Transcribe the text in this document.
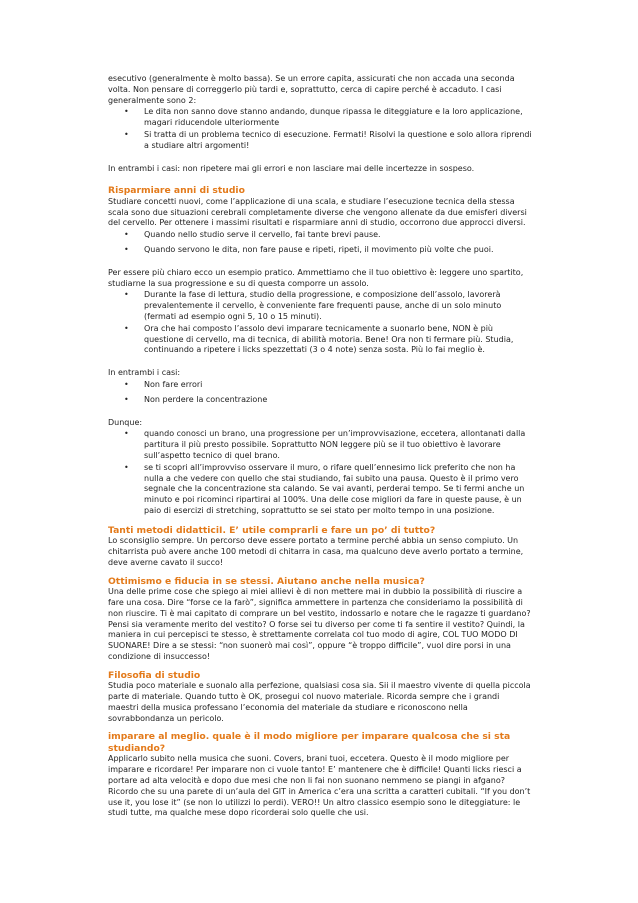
esecutivo (generalmente è molto bassa). Se un errore capita, assicurati che non accada una seconda volta. Non pensare di correggerlo più tardi e, soprattutto, cerca di capire perché è accaduto. I casi generalmente sono 2:

• Le dita non sanno dove stanno andando, dunque ripassa le diteggiature e la loro applicazione, magari riducendole ulteriormente
• Si tratta di un problema tecnico di esecuzione. Fermati! Risolvi la questione e solo allora riprendi a studiare altri argomenti!

In entrambi i casi: non ripetere mai gli errori e non lasciare mai delle incertezze in sospeso.

Risparmiare anni di studio

Studiare concetti nuovi, come l’applicazione di una scala, e studiare l’esecuzione tecnica della stessa scala sono due situazioni cerebrali completamente diverse che vengono allenate da due emisferi diversi del cervello. Per ottenere i massimi risultati e risparmiare anni di studio, occorrono due approcci diversi.

• Quando nello studio serve il cervello, fai tante brevi pause.
• Quando servono le dita, non fare pause e ripeti, ripeti, il movimento più volte che puoi.

Per essere più chiaro ecco un esempio pratico. Ammettiamo che il tuo obiettivo è: leggere uno spartito, studiarne la sua progressione e su di questa comporre un assolo.

• Durante la fase di lettura, studio della progressione, e composizione dell’assolo, lavorerà prevalentemente il cervello, è conveniente fare frequenti pause, anche di un solo minuto (fermati ad esempio ogni 5, 10 o 15 minuti).
• Ora che hai composto l’assolo devi imparare tecnicamente a suonarlo bene, NON è più questione di cervello, ma di tecnica, di abilità motoria. Bene! Ora non ti fermare più. Studia, continuando a ripetere i licks spezzettati (3 o 4 note) senza sosta. Più lo fai meglio è.

In entrambi i casi:

• Non fare errori
• Non perdere la concentrazione

Dunque:

• quando conosci un brano, una progressione per un’improvvisazione, eccetera, allontanati dalla partitura il più presto possibile. Soprattutto NON leggere più se il tuo obiettivo è lavorare sull’aspetto tecnico di quel brano.
• se ti scopri all’improvviso osservare il muro, o rifare quell’ennesimo lick preferito che non ha nulla a che vedere con quello che stai studiando, fai subito una pausa. Questo è il primo vero segnale che la concentrazione sta calando. Se vai avanti, perderai tempo. Se ti fermi anche un minuto e poi ricominci ripartirai al 100%. Una delle cose migliori da fare in queste pause, è un paio di esercizi di stretching, soprattutto se sei stato per molto tempo in una posizione.
Tanti metodi didatticiI. E’ utile comprarli e fare un po’ di tutto?

Lo sconsiglio sempre. Un percorso deve essere portato a termine perché abbia un senso compiuto. Un chitarrista può avere anche 100 metodi di chitarra in casa, ma qualcuno deve averlo portato a termine, deve averne cavato il succo!

Ottimismo e fiducia in se stessi. Aiutano anche nella musica?

Una delle prime cose che spiego ai miei allievi è di non mettere mai in dubbio la possibilità di riuscire a fare una cosa. Dire “forse ce la farò”, significa ammettere in partenza che consideriamo la possibilità di non riuscire. Ti è mai capitato di comprare un bel vestito, indossarlo e notare che le ragazze ti guardano? Pensi sia veramente merito del vestito? O forse sei tu diverso per come ti fa sentire il vestito? Quindi, la maniera in cui percepisci te stesso, è strettamente correlata col tuo modo di agire, COL TUO MODO DI SUONARE! Dire a se stessi: “non suonerò mai così”, oppure “è troppo difficile”, vuol dire porsi in una condizione di insuccesso!

Filosofia di studio

Studia poco materiale e suonalo alla perfezione, qualsiasi cosa sia. Sii il maestro vivente di quella piccola parte di materiale. Quando tutto è OK, prosegui col nuovo materiale. Ricorda sempre che i grandi maestri della musica professano l’economia del materiale da studiare e riconoscono nella sovrabbondanza un pericolo.

imparare al meglio. quale è il modo migliore per imparare qualcosa che si sta studiando?

Applicarlo subito nella musica che suoni. Covers, brani tuoi, eccetera. Questo è il modo migliore per imparare e ricordare! Per imparare non ci vuole tanto! E’ mantenere che è difficile! Quanti licks riesci a portare ad alta velocità e dopo due mesi che non li fai non suonano nemmeno se piangi in afgano? Ricordo che su una parete di un’aula del GIT in America c’era una scritta a caratteri cubitali. “If you don’t use it, you lose it” (se non lo utilizzi lo perdi). VERO!! Un altro classico esempio sono le diteggiature: le studi tutte, ma qualche mese dopo ricorderai solo quelle che usi.
